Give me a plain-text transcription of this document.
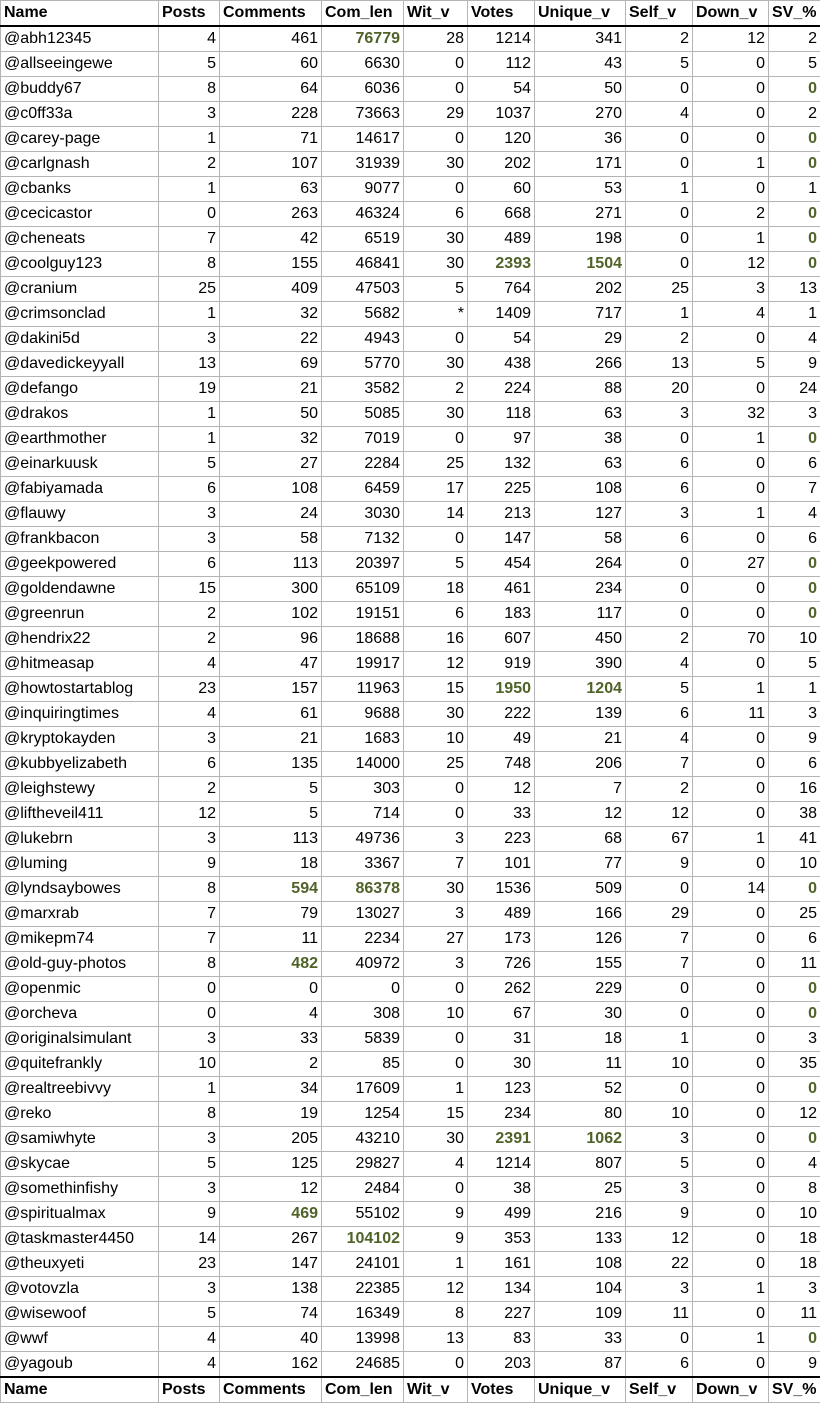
Name	Posts	Comments	Com_len	Wit_v	Votes	Unique_v	Self_v	Down_v	SV_%
@abh12345	4	461	76779	28	1214	341	2	12	2
@allseeingewe	5	60	6630	0	112	43	5	0	5
@buddy67	8	64	6036	0	54	50	0	0	0
@c0ff33a	3	228	73663	29	1037	270	4	0	2
@carey-page	1	71	14617	0	120	36	0	0	0
@carlgnash	2	107	31939	30	202	171	0	1	0
@cbanks	1	63	9077	0	60	53	1	0	1
@cecicastor	0	263	46324	6	668	271	0	2	0
@cheneats	7	42	6519	30	489	198	0	1	0
@coolguy123	8	155	46841	30	2393	1504	0	12	0
@cranium	25	409	47503	5	764	202	25	3	13
@crimsonclad	1	32	5682	*	1409	717	1	4	1
@dakini5d	3	22	4943	0	54	29	2	0	4
@davedickeyyall	13	69	5770	30	438	266	13	5	9
@defango	19	21	3582	2	224	88	20	0	24
@drakos	1	50	5085	30	118	63	3	32	3
@earthmother	1	32	7019	0	97	38	0	1	0
@einarkuusk	5	27	2284	25	132	63	6	0	6
@fabiyamada	6	108	6459	17	225	108	6	0	7
@flauwy	3	24	3030	14	213	127	3	1	4
@frankbacon	3	58	7132	0	147	58	6	0	6
@geekpowered	6	113	20397	5	454	264	0	27	0
@goldendawne	15	300	65109	18	461	234	0	0	0
@greenrun	2	102	19151	6	183	117	0	0	0
@hendrix22	2	96	18688	16	607	450	2	70	10
@hitmeasap	4	47	19917	12	919	390	4	0	5
@howtostartablog	23	157	11963	15	1950	1204	5	1	1
@inquiringtimes	4	61	9688	30	222	139	6	11	3
@kryptokayden	3	21	1683	10	49	21	4	0	9
@kubbyelizabeth	6	135	14000	25	748	206	7	0	6
@leighstewy	2	5	303	0	12	7	2	0	16
@liftheveil411	12	5	714	0	33	12	12	0	38
@lukebrn	3	113	49736	3	223	68	67	1	41
@luming	9	18	3367	7	101	77	9	0	10
@lyndsaybowes	8	594	86378	30	1536	509	0	14	0
@marxrab	7	79	13027	3	489	166	29	0	25
@mikepm74	7	11	2234	27	173	126	7	0	6
@old-guy-photos	8	482	40972	3	726	155	7	0	11
@openmic	0	0	0	0	262	229	0	0	0
@orcheva	0	4	308	10	67	30	0	0	0
@originalsimulant	3	33	5839	0	31	18	1	0	3
@quitefrankly	10	2	85	0	30	11	10	0	35
@realtreebivvy	1	34	17609	1	123	52	0	0	0
@reko	8	19	1254	15	234	80	10	0	12
@samiwhyte	3	205	43210	30	2391	1062	3	0	0
@skycae	5	125	29827	4	1214	807	5	0	4
@somethinfishy	3	12	2484	0	38	25	3	0	8
@spiritualmax	9	469	55102	9	499	216	9	0	10
@taskmaster4450	14	267	104102	9	353	133	12	0	18
@theuxyeti	23	147	24101	1	161	108	22	0	18
@votovzla	3	138	22385	12	134	104	3	1	3
@wisewoof	5	74	16349	8	227	109	11	0	11
@wwf	4	40	13998	13	83	33	0	1	0
@yagoub	4	162	24685	0	203	87	6	0	9
Name	Posts	Comments	Com_len	Wit_v	Votes	Unique_v	Self_v	Down_v	SV_%
